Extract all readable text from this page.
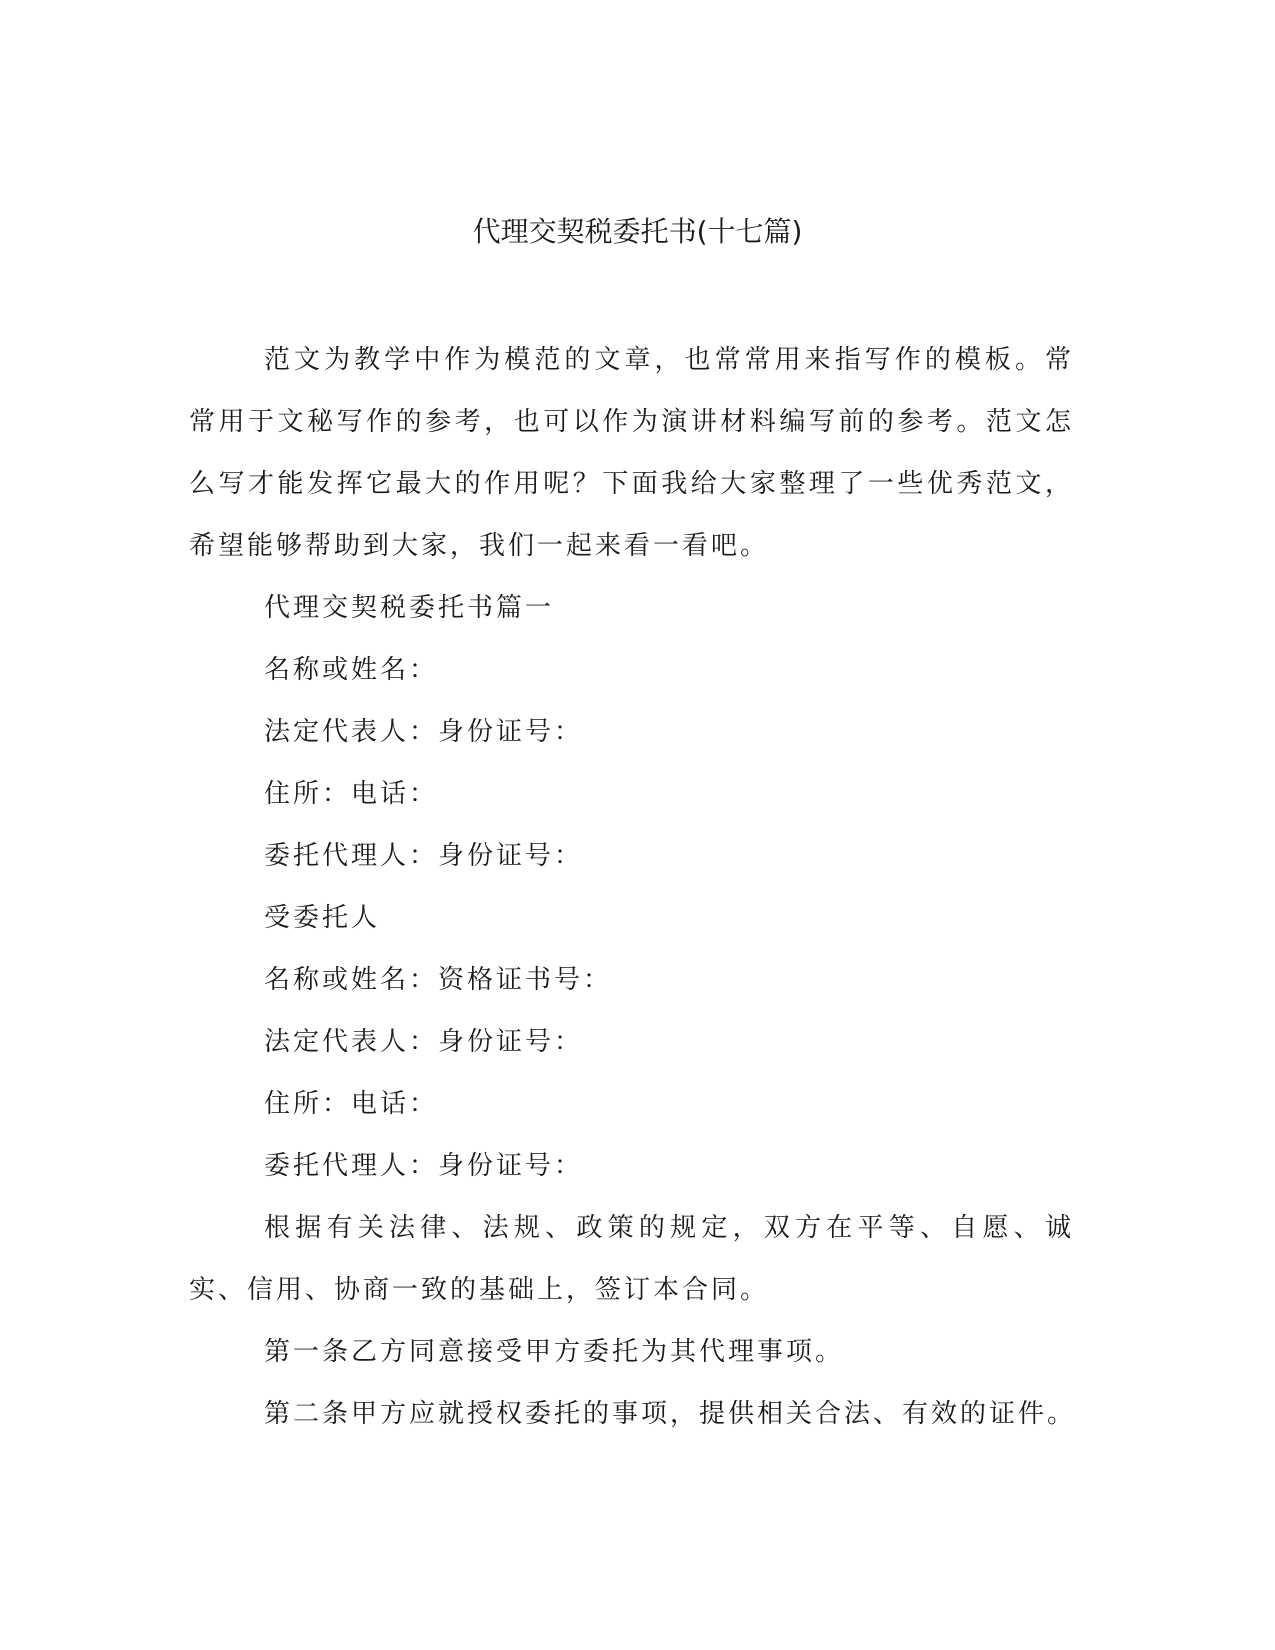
代理交契税委托书(十七篇)

范文为教学中作为模范的文章，也常常用来指写作的模板。常常用于文秘写作的参考，也可以作为演讲材料编写前的参考。范文怎么写才能发挥它最大的作用呢？下面我给大家整理了一些优秀范文，希望能够帮助到大家，我们一起来看一看吧。

代理交契税委托书篇一

名称或姓名：

法定代表人：身份证号：

住所：电话：

委托代理人：身份证号：

受委托人

名称或姓名：资格证书号：

法定代表人：身份证号：

住所：电话：

委托代理人：身份证号：

根据有关法律、法规、政策的规定，双方在平等、自愿、诚实、信用、协商一致的基础上，签订本合同。

第一条乙方同意接受甲方委托为其代理事项。

第二条甲方应就授权委托的事项，提供相关合法、有效的证件。
